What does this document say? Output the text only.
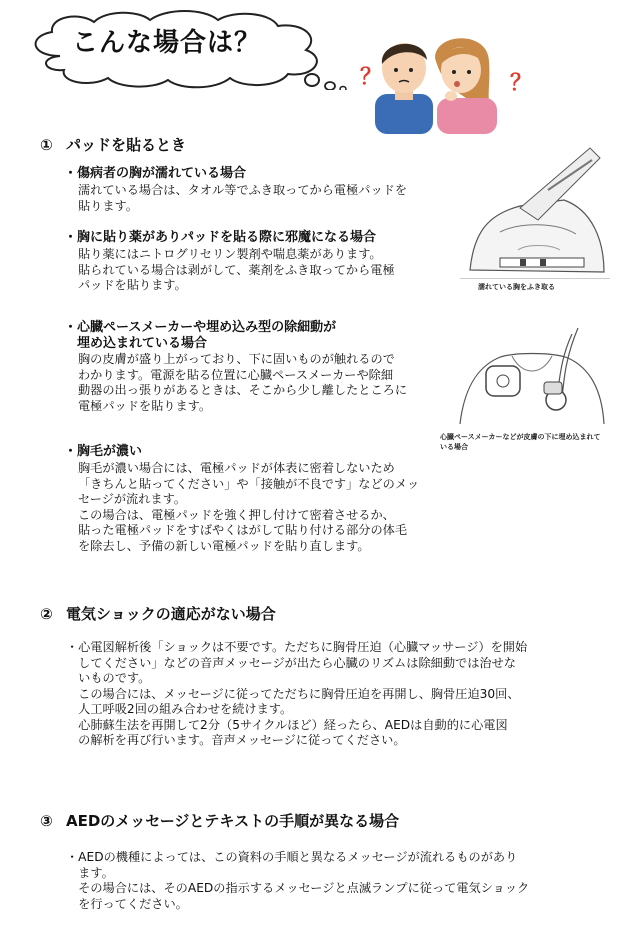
こんな場合は？
？	？
① パッドを貼るとき
・傷病者の胸が濡れている場合
濡れている場合は、タオル等でふき取ってから電極パッドを
貼ります。
・胸に貼り薬がありパッドを貼る際に邪魔になる場合
貼り薬にはニトログリセリン製剤や喘息薬があります。
貼られている場合は剥がして、薬剤をふき取ってから電極
パッドを貼ります。
・心臓ペースメーカーや埋め込み型の除細動が
　埋め込まれている場合
胸の皮膚が盛り上がっており、下に固いものが触れるので
わかります。電源を貼る位置に心臓ペースメーカーや除細
動器の出っ張りがあるときは、そこから少し離したところに
電極パッドを貼ります。
・胸毛が濃い
胸毛が濃い場合には、電極パッドが体表に密着しないため
「きちんと貼ってください」や「接触が不良です」などのメッ
セージが流れます。
この場合は、電極パッドを強く押し付けて密着させるか、
貼った電極パッドをすばやくはがして貼り付ける部分の体毛
を除去し、予備の新しい電極パッドを貼り直します。
濡れている胸をふき取る
心臓ペースメーカーなどが皮膚の下に埋め込まれて
いる場合
② 電気ショックの適応がない場合
・心電図解析後「ショックは不要です。ただちに胸骨圧迫（心臓マッサージ）を開始
　してください」などの音声メッセージが出たら心臓のリズムは除細動では治せな
　いものです。
　この場合には、メッセージに従ってただちに胸骨圧迫を再開し、胸骨圧迫30回、
　人工呼吸2回の組み合わせを続けます。
　心肺蘇生法を再開して2分（5サイクルほど）経ったら、AEDは自動的に心電図
　の解析を再び行います。音声メッセージに従ってください。
③ AEDのメッセージとテキストの手順が異なる場合
・AEDの機種によっては、この資料の手順と異なるメッセージが流れるものがあり
　ます。
　その場合には、そのAEDの指示するメッセージと点滅ランプに従って電気ショック
　を行ってください。
